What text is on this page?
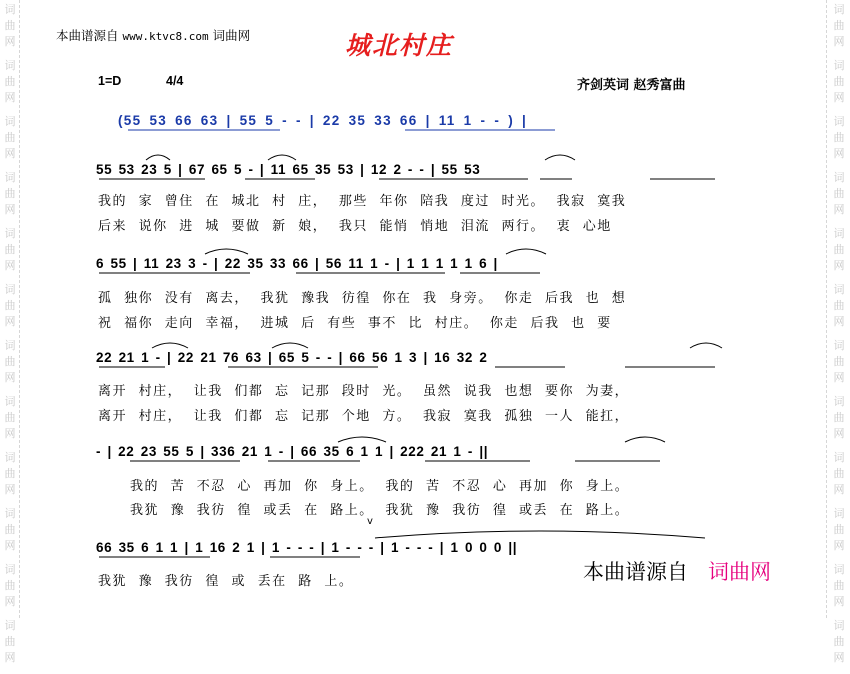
词
曲
网
词
曲
网
词
曲
网
词
曲
网
词
曲
网
词
曲
网
词
曲
网
词
曲
网
词
曲
网
词
曲
网
词
曲
网
词
曲
网
词
曲
网
词
曲
网
词
曲
网
词
曲
网
词
曲
网
词
曲
网
词
曲
网
词
曲
网
词
曲
网
词
曲
网
词
曲
网
词
曲
网
本曲谱源自 www.ktvc8.com 词曲网	城北村庄
1=D	4/4	齐剑英词 赵秀富曲
(55 53 66 63 | 55 5 - - | 22 35 33 66 | 11 1 - - ) |
55 53 23 5 | 67 65 5 - | 11 65 35 53 | 12 2 - - | 55 53
我的 家 曾住 在 城北 村 庄， 那些 年你 陪我 度过 时光。 我寂 寞我
后来 说你 进 城 要做 新 娘， 我只 能悄 悄地 泪流 两行。 衷 心地
6 55 | 11 23 3 - | 22 35 33 66 | 56 11 1 - | 1 1 1 1 1 6 |
孤 独你 没有 离去， 我犹 豫我 彷徨 你在 我 身旁。 你走 后我 也 想
祝 福你 走向 幸福， 进城 后 有些 事不 比 村庄。 你走 后我 也 要
22 21 1 - | 22 21 76 63 | 65 5 - - | 66 56 1 3 | 16 32 2
离开 村庄， 让我 们都 忘 记那 段时 光。 虽然 说我 也想 要你 为妻，
离开 村庄， 让我 们都 忘 记那 个地 方。 我寂 寞我 孤独 一人 能扛，
- | 22 23 55 5 | 336 21 1 - | 66 35 6 1 1 | 222 21 1 - ||
我的 苦 不忍 心 再加 你 身上。 我的 苦 不忍 心 再加 你 身上。
我犹 豫 我彷 徨 或丢 在 路上。 我犹 豫 我彷 徨 或丢 在 路上。
v
66 35 6 1 1 | 1 16 2 1 | 1 - - - | 1 - - - | 1 - - - | 1 0 0 0 ||
我犹 豫 我彷 徨 或 丢在 路 上。	本曲谱源自 词曲网
